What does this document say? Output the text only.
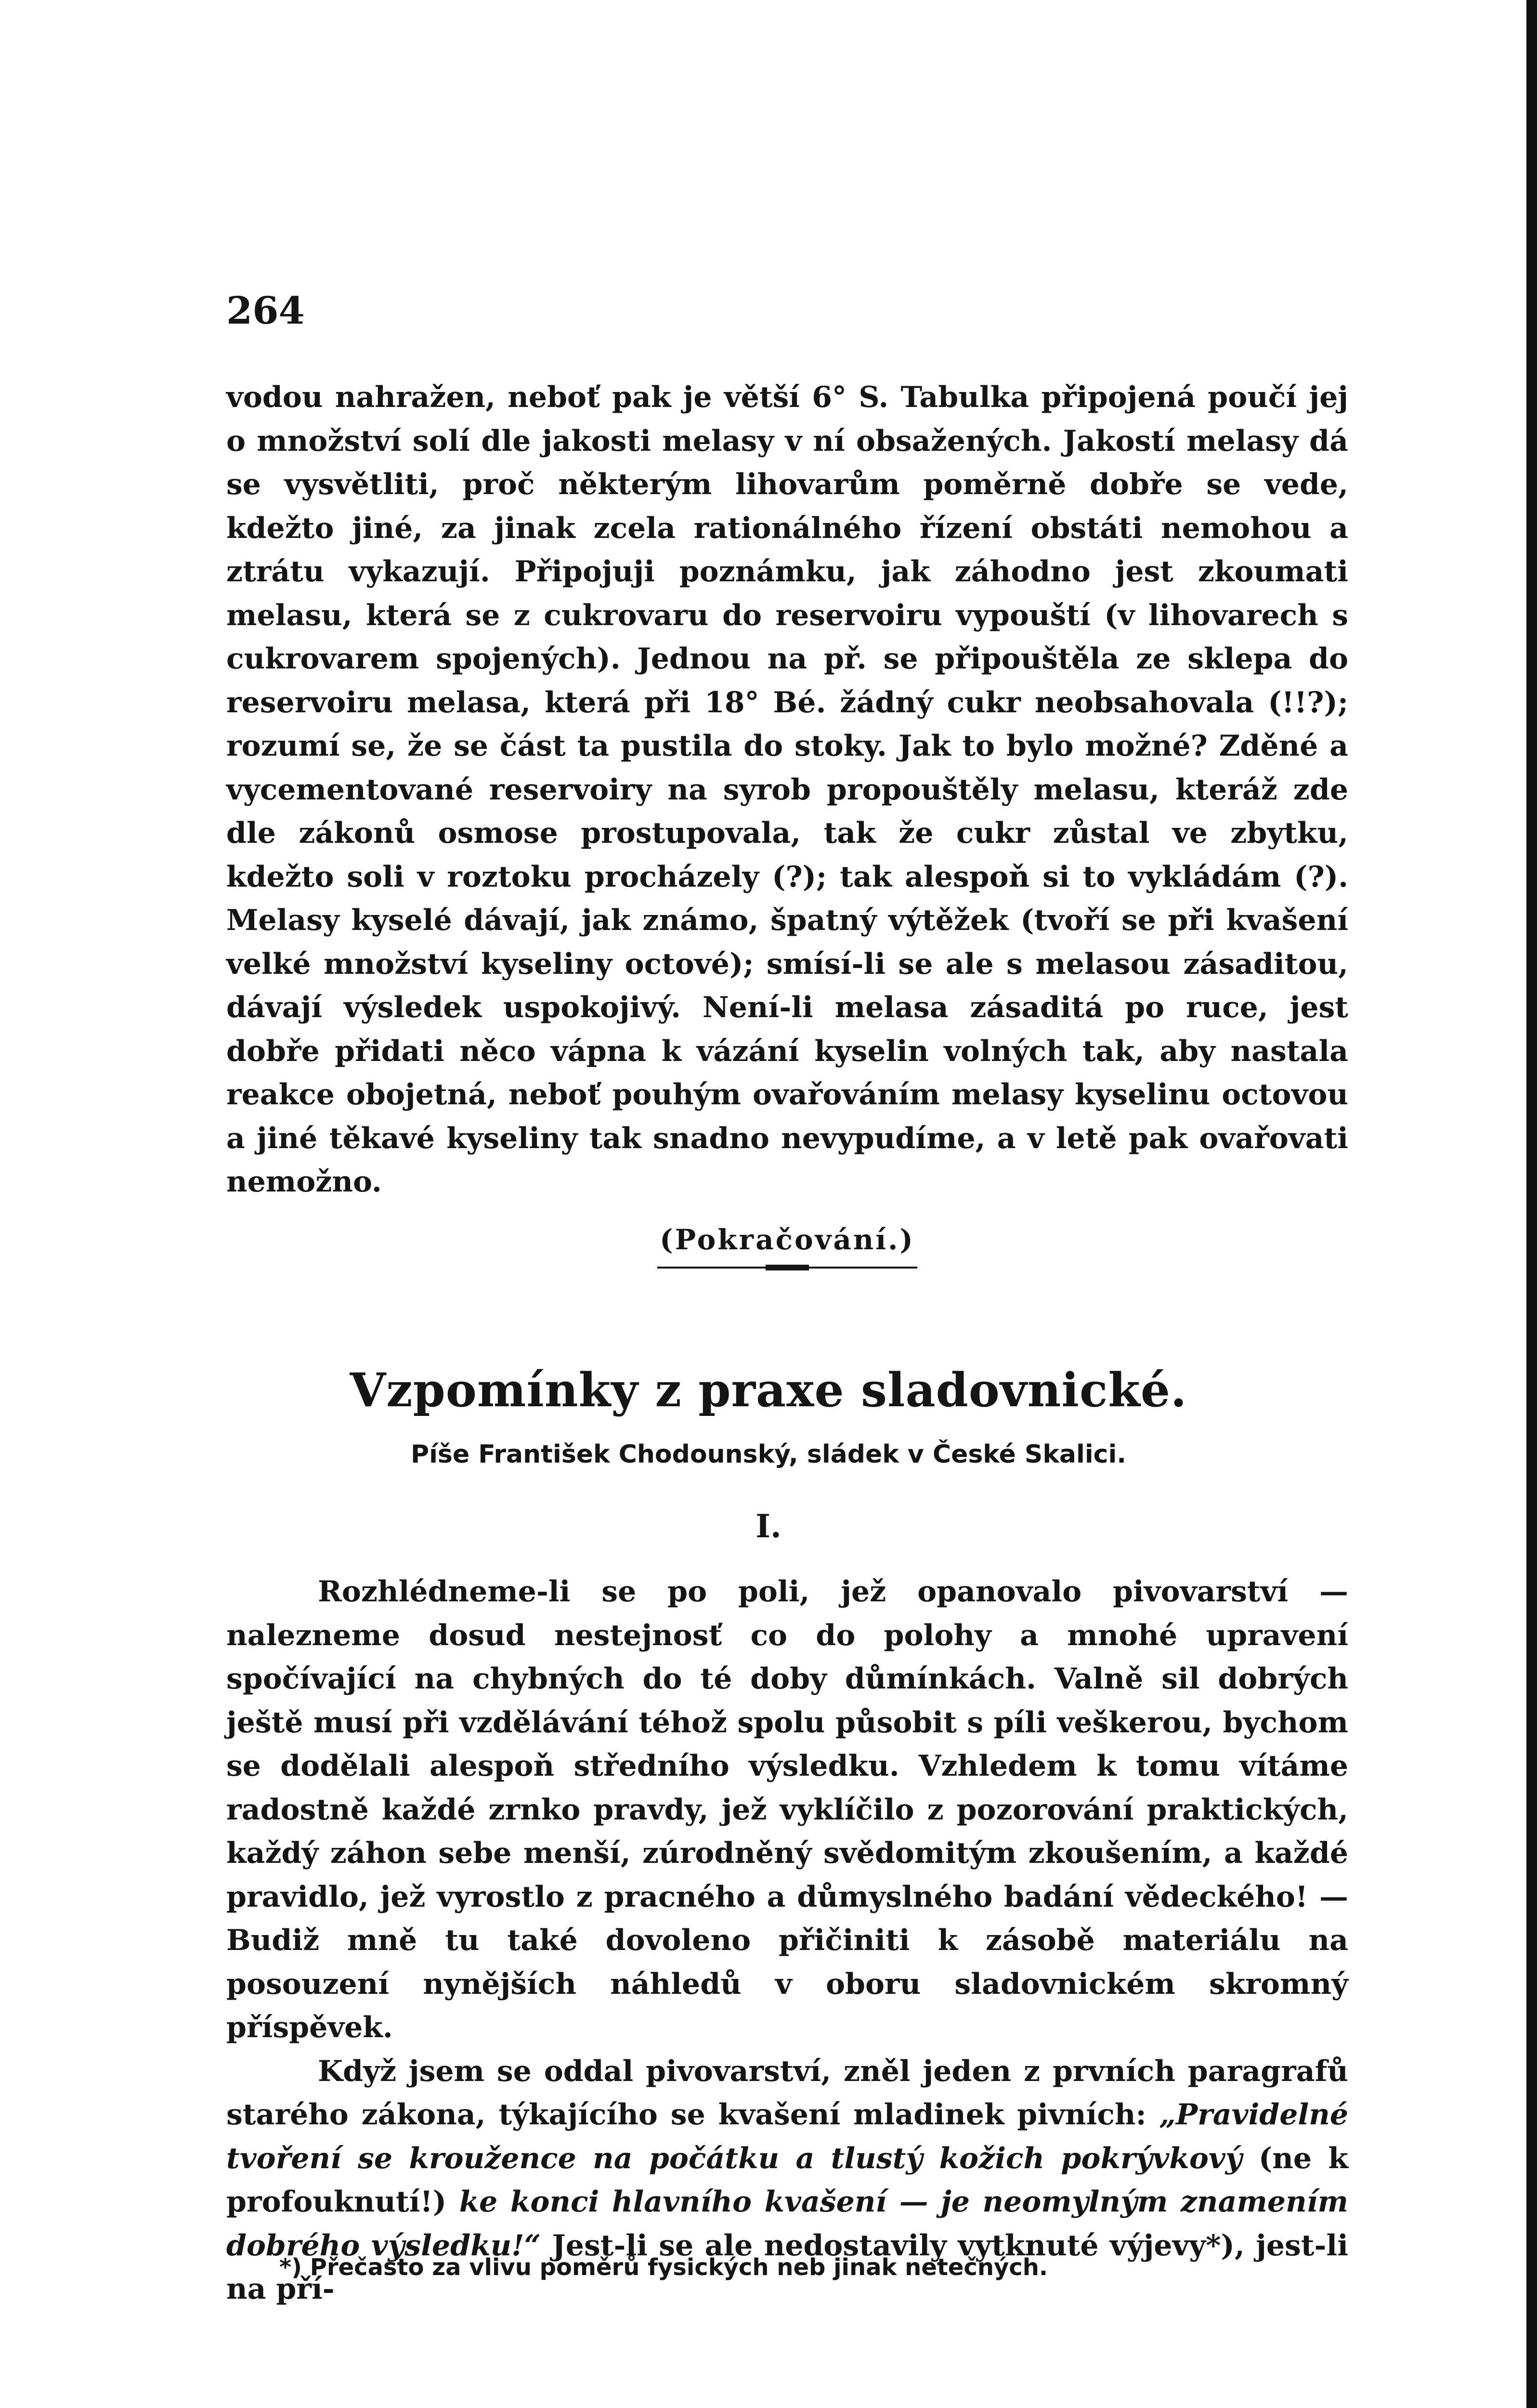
264

vodou nahražen, neboť pak je větší 6° S. Tabulka připojená poučí jej o množství solí dle jakosti melasy v ní obsažených. Jakostí melasy dá se vysvětliti, proč některým lihovarům poměrně dobře se vede, kdežto jiné, za jinak zcela rationálného řízení obstáti nemohou a ztrátu vykazují. Připojuji poznámku, jak záhodno jest zkoumati melasu, která se z cukrovaru do reservoiru vypouští (v lihovarech s cukrovarem spojených). Jednou na př. se připouštěla ze sklepa do reservoiru melasa, která při 18° Bé. žádný cukr neobsahovala (!!?); rozumí se, že se část ta pustila do stoky. Jak to bylo možné? Zděné a vycementované reservoiry na syrob propouštěly melasu, kteráž zde dle zákonů osmose prostupovala, tak že cukr zůstal ve zbytku, kdežto soli v roztoku procházely (?); tak alespoň si to vykládám (?). Melasy kyselé dávají, jak známo, špatný výtěžek (tvoří se při kvašení velké množství kyseliny octové); smísí-li se ale s melasou zásaditou, dávají výsledek uspokojivý. Není-li melasa zásaditá po ruce, jest dobře přidati něco vápna k vázání kyselin volných tak, aby nastala reakce obojetná, neboť pouhým ovařováním melasy kyselinu octovou a jiné těkavé kyseliny tak snadno nevypudíme, a v letě pak ovařovati nemožno.

(Pokračování.)
Vzpomínky z praxe sladovnické.
Píše František Chodounský, sládek v České Skalici.
I.

Rozhlédneme-li se po poli, jež opanovalo pivovarství — nalezneme dosud nestejnosť co do polohy a mnohé upravení spočívající na chybných do té doby důmínkách. Valně sil dobrých ještě musí při vzdělávání téhož spolu působit s píli veškerou, bychom se dodělali alespoň středního výsledku. Vzhledem k tomu vítáme radostně každé zrnko pravdy, jež vyklíčilo z pozorování praktických, každý záhon sebe menší, zúrodněný svědomitým zkoušením, a každé pravidlo, jež vyrostlo z pracného a důmyslného badání vědeckého! — Budiž mně tu také dovoleno přičiniti k zásobě materiálu na posouzení nynějších náhledů v oboru sladovnickém skromný příspěvek.

Když jsem se oddal pivovarství, zněl jeden z prvních paragrafů starého zákona, týkajícího se kvašení mladinek pivních: „Pravidelné tvoření se kroužence na počátku a tlustý kožich pokrývkový (ne k profouknutí!) ke konci hlavního kvašení — je neomylným znamením dobrého výsledku!“ Jest-li se ale nedostavily vytknuté výjevy*), jest-li na pří-

*) Přečasto za vlivu poměrů fysických neb jinak netečných.
